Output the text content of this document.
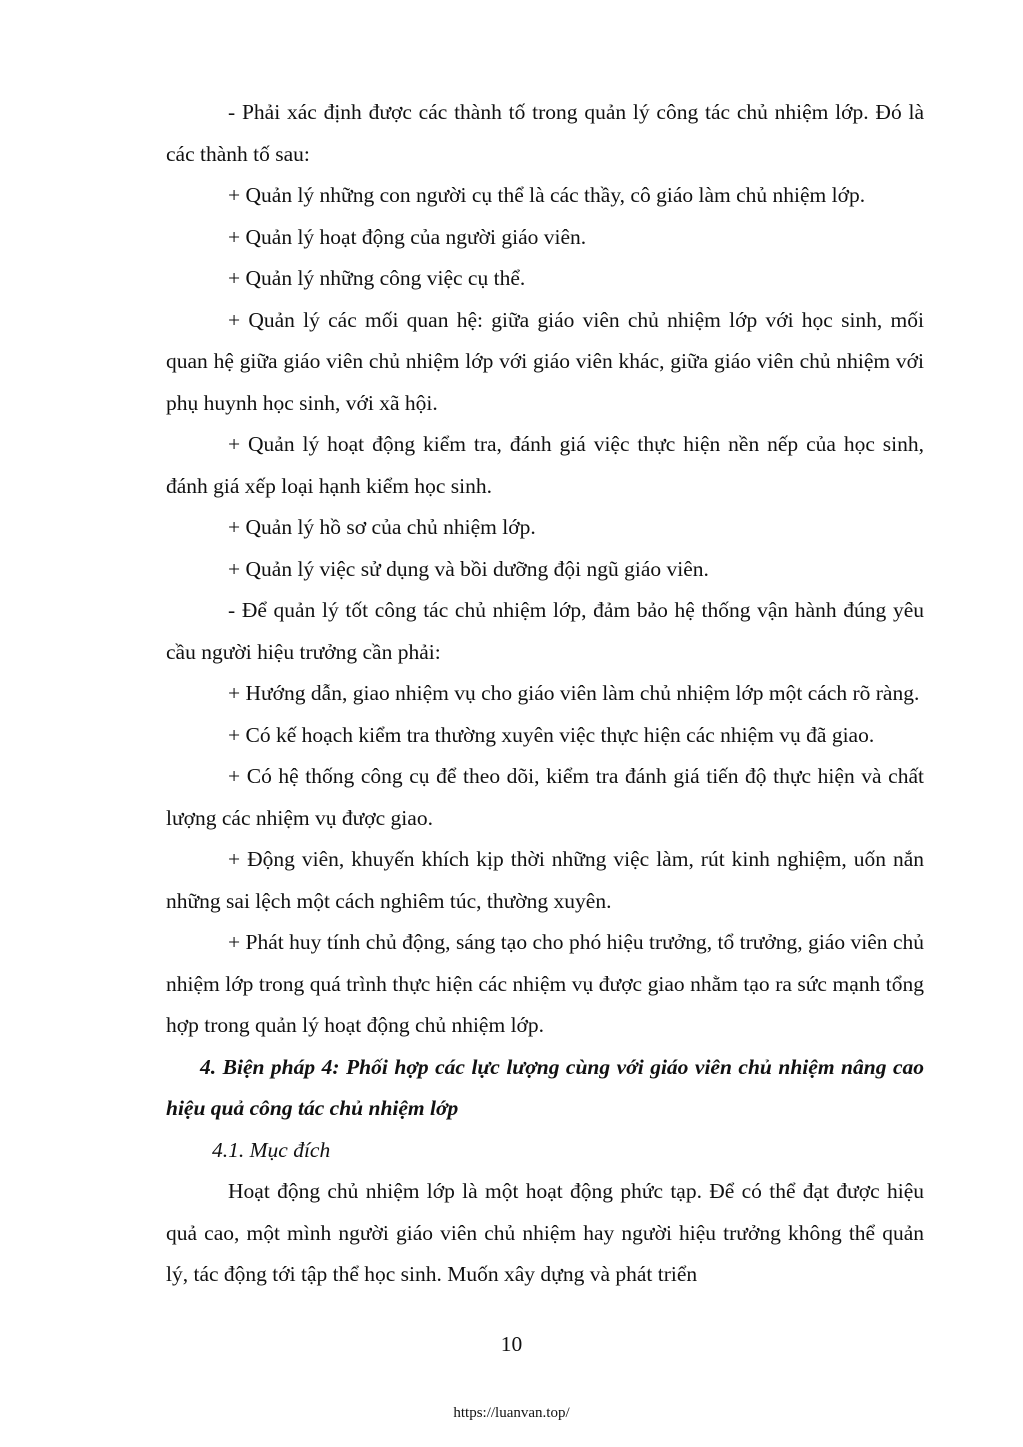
- Phải xác định được các thành tố trong quản lý công tác chủ nhiệm lớp. Đó là các thành tố sau:

+ Quản lý những con người cụ thể là các thầy, cô giáo làm chủ nhiệm lớp.

+ Quản lý hoạt động của người giáo viên.

+ Quản lý những công việc cụ thể.

+ Quản lý các mối quan hệ: giữa giáo viên chủ nhiệm lớp với học sinh, mối quan hệ giữa giáo viên chủ nhiệm lớp với giáo viên khác, giữa giáo viên chủ nhiệm với phụ huynh học sinh, với xã hội.

+ Quản lý hoạt động kiểm tra, đánh giá việc thực hiện nền nếp của học sinh, đánh giá xếp loại hạnh kiểm học sinh.

+ Quản lý hồ sơ của chủ nhiệm lớp.

+ Quản lý việc sử dụng và bồi dưỡng đội ngũ giáo viên.

- Để quản lý tốt công tác chủ nhiệm lớp, đảm bảo hệ thống vận hành đúng yêu cầu người hiệu trưởng cần phải:

+ Hướng dẫn, giao nhiệm vụ cho giáo viên làm chủ nhiệm lớp một cách rõ ràng.

+ Có kế hoạch kiểm tra thường xuyên việc thực hiện các nhiệm vụ đã giao.

+ Có hệ thống công cụ để theo dõi, kiểm tra đánh giá tiến độ thực hiện và chất lượng các nhiệm vụ được giao.

+ Động viên, khuyến khích kịp thời những việc làm, rút kinh nghiệm, uốn nắn những sai lệch một cách nghiêm túc, thường xuyên.

+ Phát huy tính chủ động, sáng tạo cho phó hiệu trưởng, tổ trưởng, giáo viên chủ nhiệm lớp trong quá trình thực hiện các nhiệm vụ được giao nhằm tạo ra sức mạnh tổng hợp trong quản lý hoạt động chủ nhiệm lớp.

4. Biện pháp 4: Phối hợp các lực lượng cùng với giáo viên chủ nhiệm nâng cao hiệu quả công tác chủ nhiệm lớp

4.1. Mục đích

Hoạt động chủ nhiệm lớp là một hoạt động phức tạp. Để có thể đạt được hiệu quả cao, một mình người giáo viên chủ nhiệm hay người hiệu trưởng không thể quản lý, tác động tới tập thể học sinh. Muốn xây dựng và phát triển

10
https://luanvan.top/
